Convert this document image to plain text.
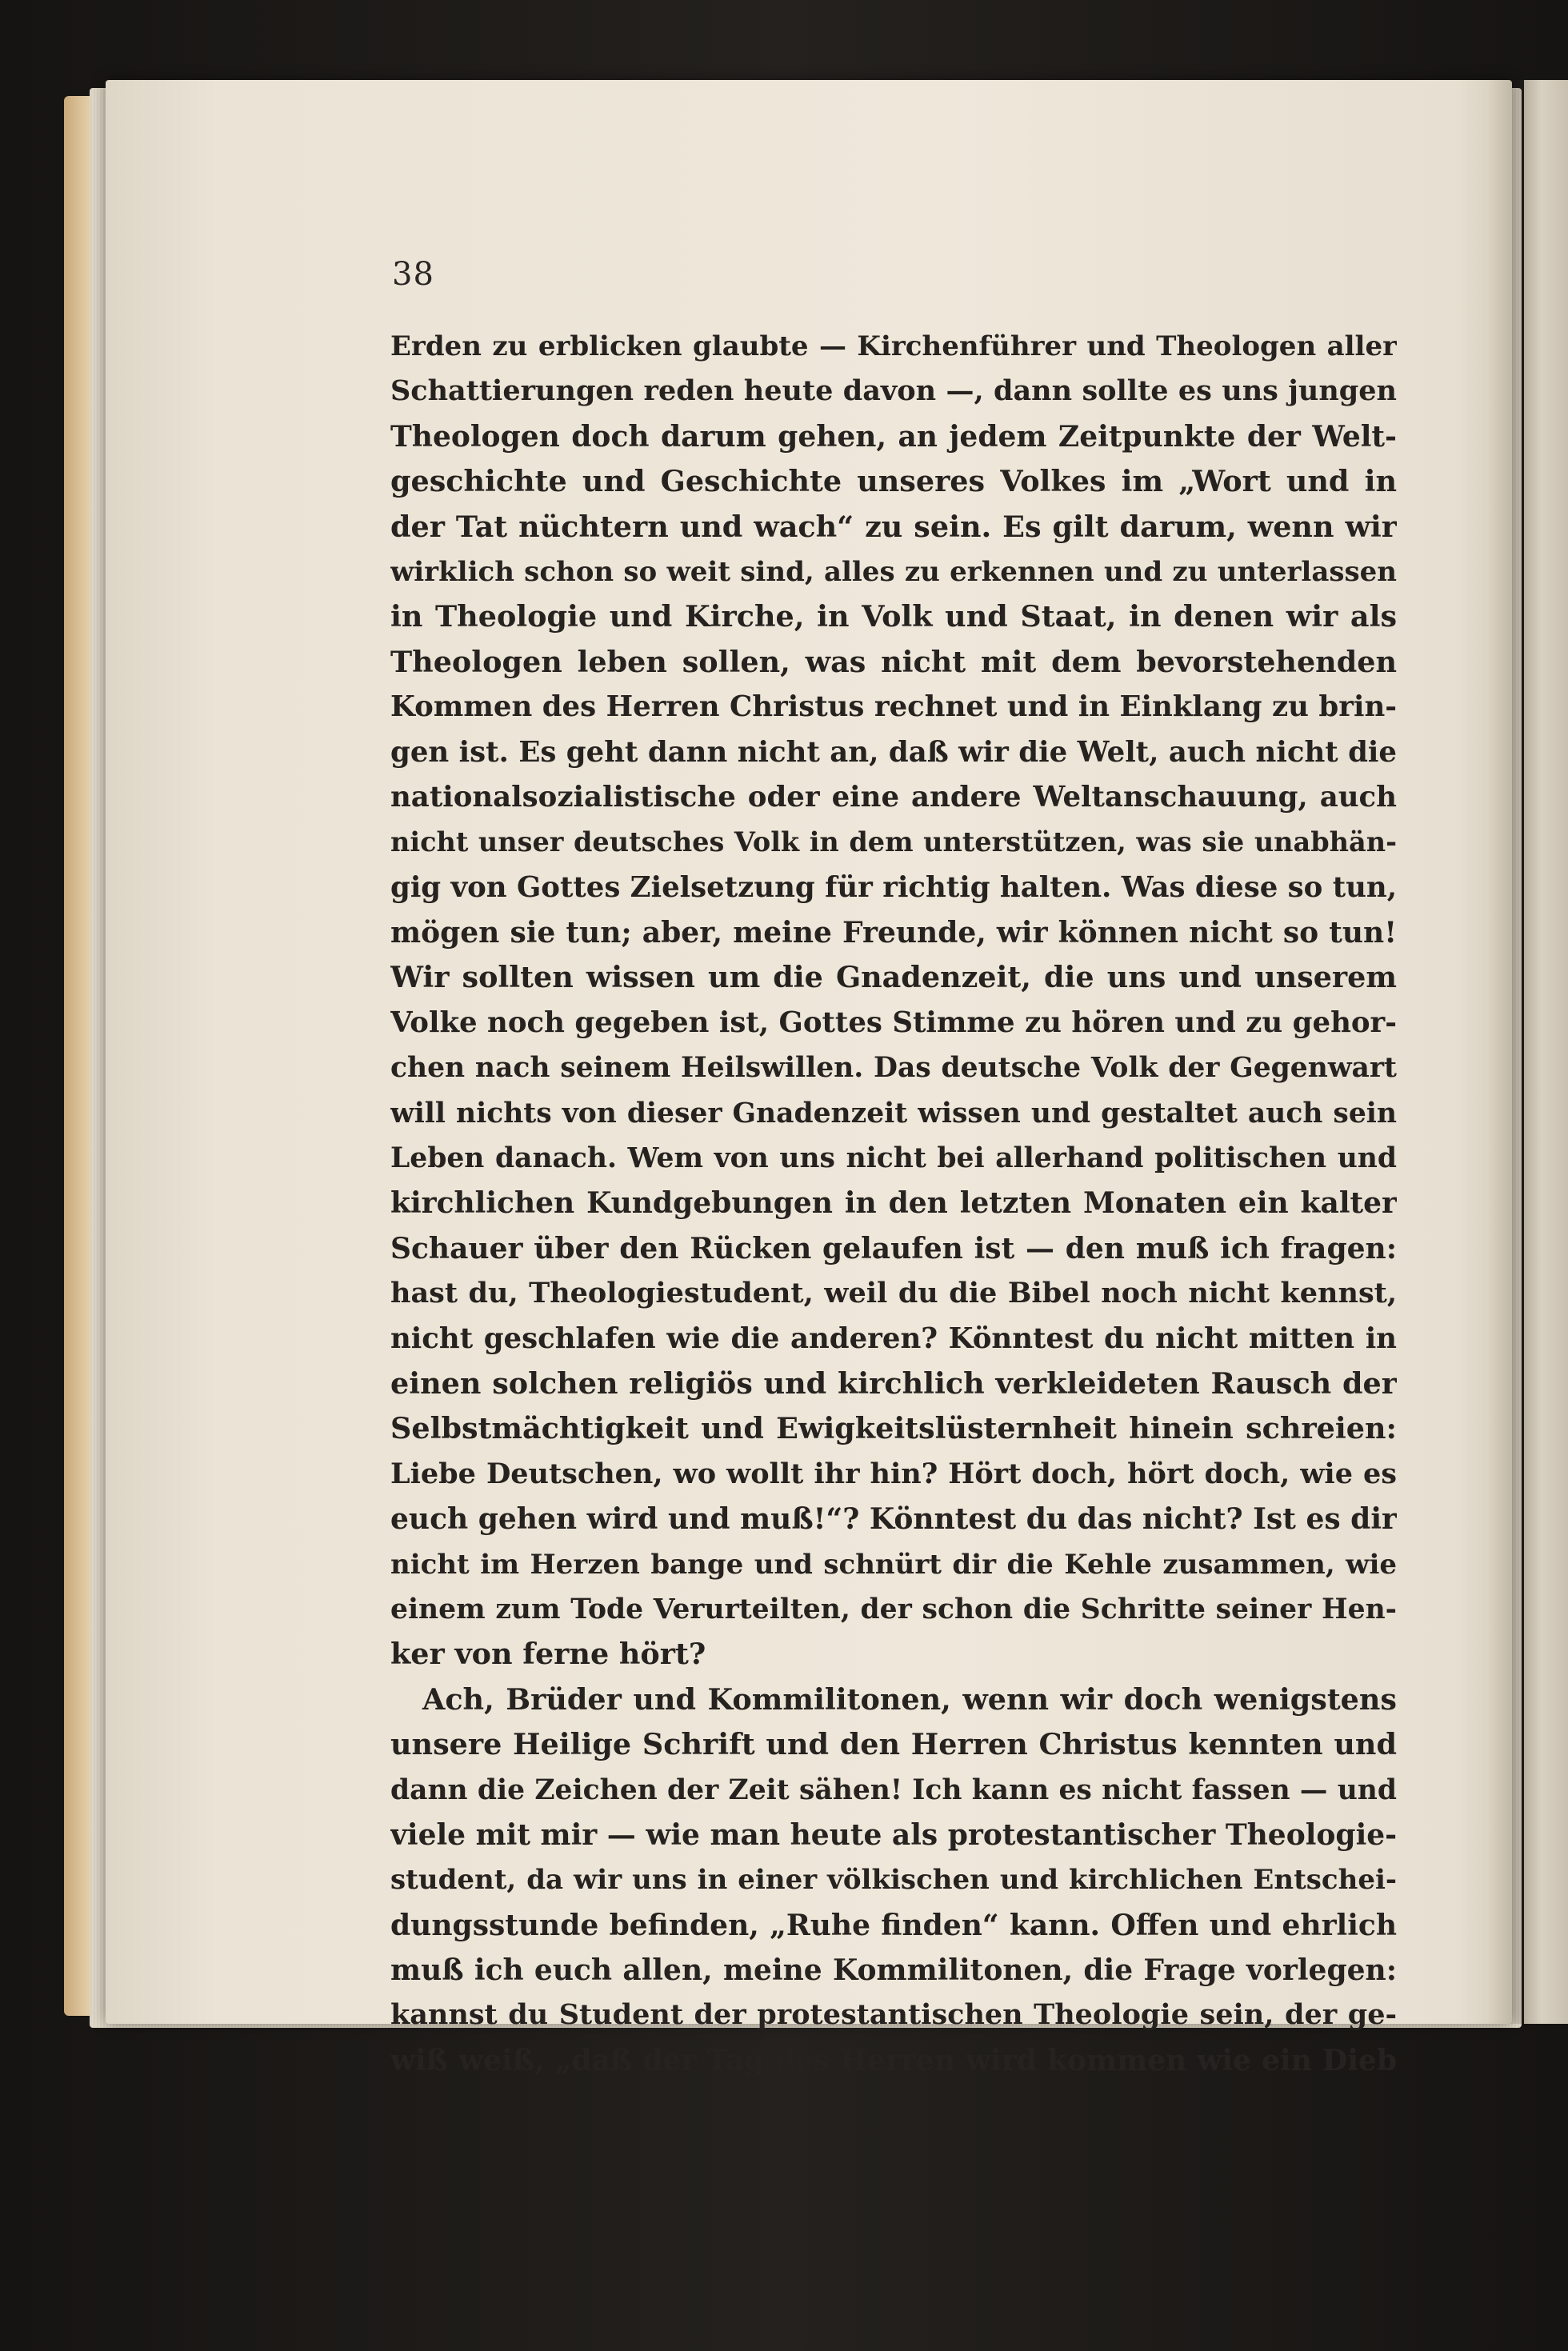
38
Erden zu erblicken glaubte — Kirchenführer und Theologen aller
Schattierungen reden heute davon —, dann sollte es uns jungen
Theologen doch darum gehen, an jedem Zeitpunkte der Welt-
geschichte und Geschichte unseres Volkes im „Wort und in
der Tat nüchtern und wach“ zu sein. Es gilt darum, wenn wir
wirklich schon so weit sind, alles zu erkennen und zu unterlassen
in Theologie und Kirche, in Volk und Staat, in denen wir als
Theologen leben sollen, was nicht mit dem bevorstehenden
Kommen des Herren Christus rechnet und in Einklang zu brin-
gen ist. Es geht dann nicht an, daß wir die Welt, auch nicht die
nationalsozialistische oder eine andere Weltanschauung, auch
nicht unser deutsches Volk in dem unterstützen, was sie unabhän-
gig von Gottes Zielsetzung für richtig halten. Was diese so tun,
mögen sie tun; aber, meine Freunde, wir können nicht so tun!
Wir sollten wissen um die Gnadenzeit, die uns und unserem
Volke noch gegeben ist, Gottes Stimme zu hören und zu gehor-
chen nach seinem Heilswillen. Das deutsche Volk der Gegenwart
will nichts von dieser Gnadenzeit wissen und gestaltet auch sein
Leben danach. Wem von uns nicht bei allerhand politischen und
kirchlichen Kundgebungen in den letzten Monaten ein kalter
Schauer über den Rücken gelaufen ist — den muß ich fragen:
hast du, Theologiestudent, weil du die Bibel noch nicht kennst,
nicht geschlafen wie die anderen? Könntest du nicht mitten in
einen solchen religiös und kirchlich verkleideten Rausch der
Selbstmächtigkeit und Ewigkeitslüsternheit hinein schreien:
Liebe Deutschen, wo wollt ihr hin? Hört doch, hört doch, wie es
euch gehen wird und muß!“? Könntest du das nicht? Ist es dir
nicht im Herzen bange und schnürt dir die Kehle zusammen, wie
einem zum Tode Verurteilten, der schon die Schritte seiner Hen-
ker von ferne hört?
Ach, Brüder und Kommilitonen, wenn wir doch wenigstens
unsere Heilige Schrift und den Herren Christus kennten und
dann die Zeichen der Zeit sähen! Ich kann es nicht fassen — und
viele mit mir — wie man heute als protestantischer Theologie-
student, da wir uns in einer völkischen und kirchlichen Entschei-
dungsstunde befinden, „Ruhe finden“ kann. Offen und ehrlich
muß ich euch allen, meine Kommilitonen, die Frage vorlegen:
kannst du Student der protestantischen Theologie sein, der ge-
wiß weiß, „daß der Tag des Herren wird kommen wie ein Dieb
